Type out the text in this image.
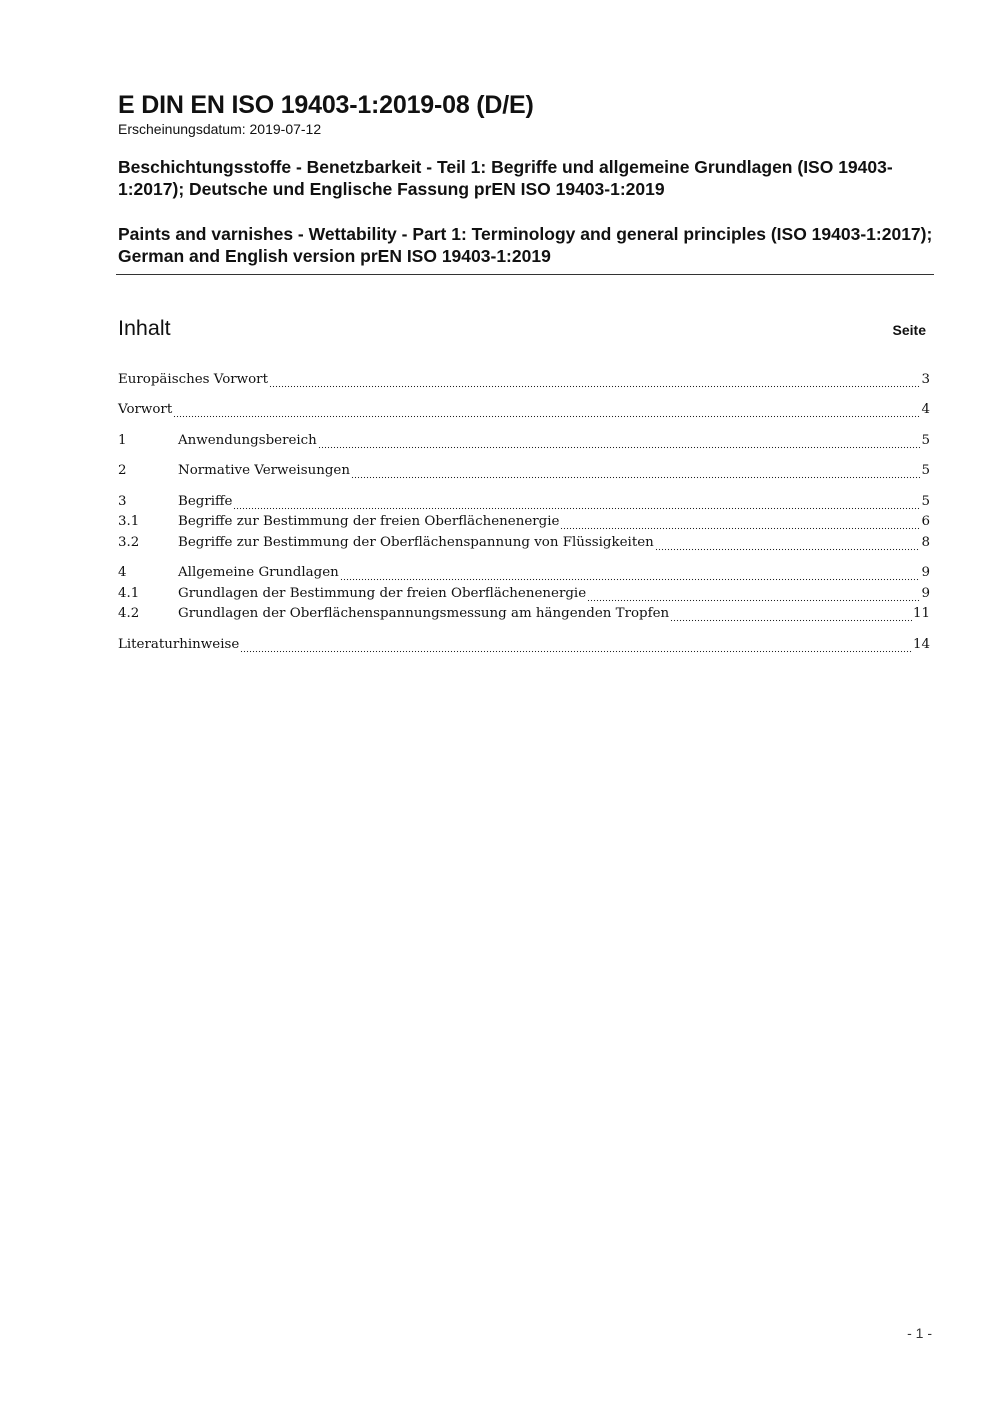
E DIN EN ISO 19403-1:2019-08 (D/E)
Erscheinungsdatum: 2019-07-12
Beschichtungsstoffe - Benetzbarkeit - Teil 1: Begriffe und allgemeine Grundlagen (ISO 19403-1:2017); Deutsche und Englische Fassung prEN ISO 19403-1:2019
Paints and varnishes - Wettability - Part 1: Terminology and general principles (ISO 19403-1:2017); German and English version prEN ISO 19403-1:2019
Inhalt	Seite
Europäisches Vorwort	3
Vorwort	4
1	Anwendungsbereich	5
2	Normative Verweisungen	5
3	Begriffe	5
3.1	Begriffe zur Bestimmung der freien Oberflächenenergie	6
3.2	Begriffe zur Bestimmung der Oberflächenspannung von Flüssigkeiten	8
4	Allgemeine Grundlagen	9
4.1	Grundlagen der Bestimmung der freien Oberflächenenergie	9
4.2	Grundlagen der Oberflächenspannungsmessung am hängenden Tropfen	11
Literaturhinweise	14
- 1 -
